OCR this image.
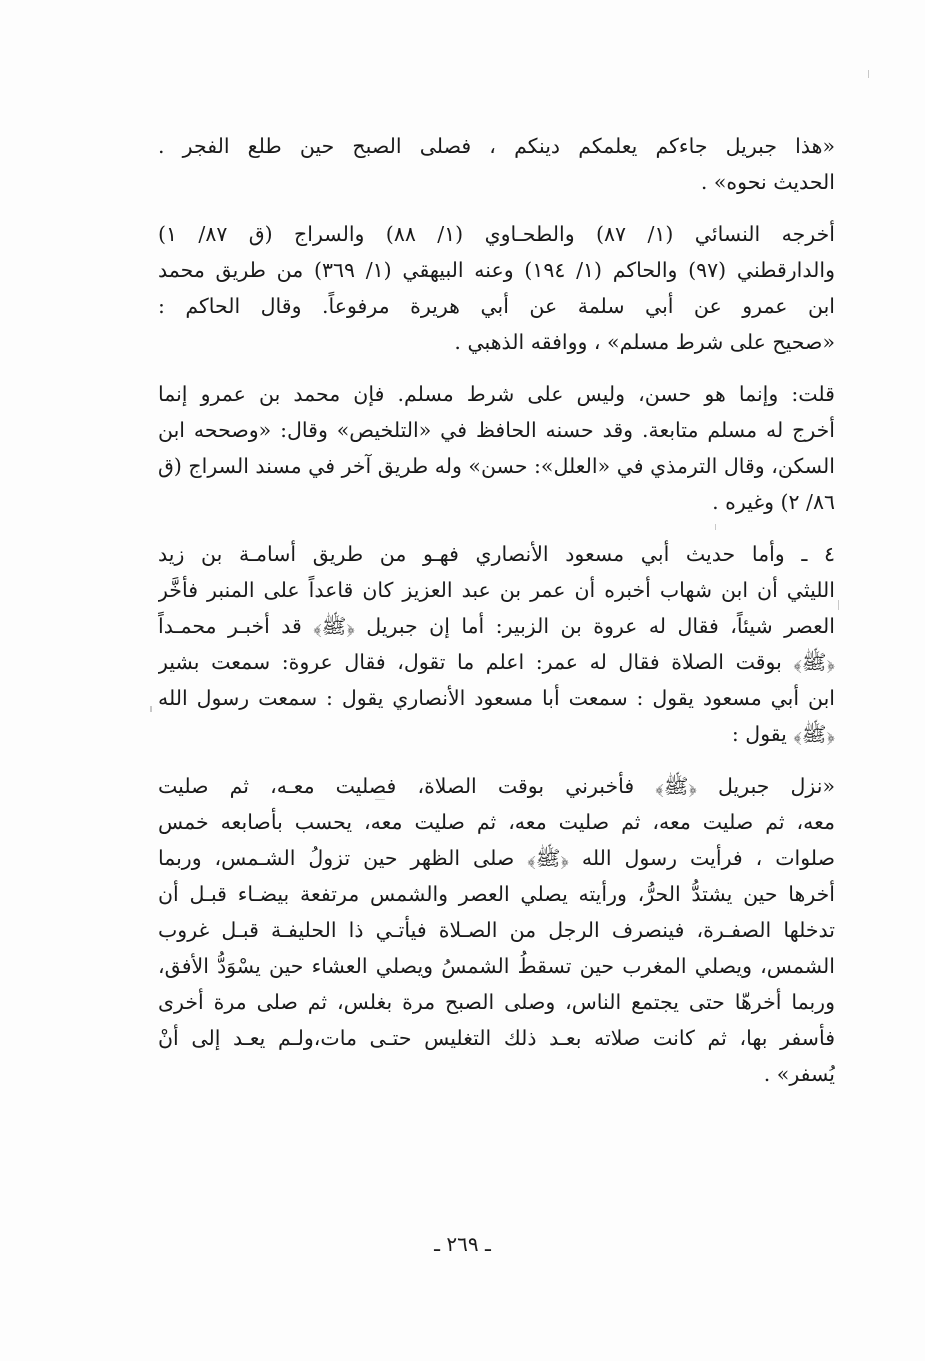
«هذا جبريل جاءكم يعلمكم دينكم ، فصلى الصبح حين طلع الفجر .
الحديث نحوه» .
أخرجه النسائي (١/ ٨٧) والطحـاوي (١/ ٨٨) والسراج (ق ٨٧/ ١)
والدارقطني (٩٧) والحاكم (١/ ١٩٤) وعنه البيهقي (١/ ٣٦٩) من طريق محمد
ابن عمرو عن أبي سلمة عن أبي هريرة مرفوعاً. وقال الحاكم :
«صحيح على شرط مسلم» ، ووافقه الذهبي .
قلت: وإنما هو حسن، وليس على شرط مسلم. فإن محمد بن عمرو إنما
أخرج له مسلم متابعة. وقد حسنه الحافظ في «التلخيص» وقال: «وصححه ابن
السكن، وقال الترمذي في «العلل»: حسن» وله طريق آخر في مسند السراج (ق
٨٦/ ٢) وغيره .
٤ ـ وأما حديث أبي مسعود الأنصاري فهـو من طريق أسامـة بن زيد
الليثي أن ابن شهاب أخبره أن عمر بن عبد العزيز كان قاعداً على المنبر فأخَّر
العصر شيئاً، فقال له عروة بن الزبير: أما إن جبريل ﴿ﷺ﴾ قد أخبـر محمـداً
﴿ﷺ﴾ بوقت الصلاة فقال له عمر: اعلم ما تقول، فقال عروة: سمعت بشير
ابن أبي مسعود يقول : سمعت أبا مسعود الأنصاري يقول : سمعت رسول الله
﴿ﷺ﴾ يقول :
«نزل جبريل ﴿ﷺ﴾ فأخبرني بوقت الصلاة، فصليت معـه، ثم صليت
معه، ثم صليت معه، ثم صليت معه، ثم صليت معه، يحسب بأصابعه خمس
صلوات ، فرأيت رسول الله ﴿ﷺ﴾ صلى الظهر حين تزولُ الشـمس، وربما
أخرها حين يشتدُّ الحرُّ، ورأيته يصلي العصر والشمس مرتفعة بيضـاء قبـل أن
تدخلها الصفـرة، فينصرف الرجل من الصـلاة فيأتـي ذا الحليفـة قبـل غروب
الشمس، ويصلي المغرب حين تسقطُ الشمسُ ويصلي العشاء حين يسْوَدُّ الأفق،
وربما أخرهّا حتى يجتمع الناس، وصلى الصبح مرة بغلس، ثم صلى مرة أخرى
فأسفر بها، ثم كانت صلاته بعـد ذلك التغليس حتـى مات،ولـم يعـد إلى أنْ
يُسفر» .
ـ ٢٦٩ ـ
